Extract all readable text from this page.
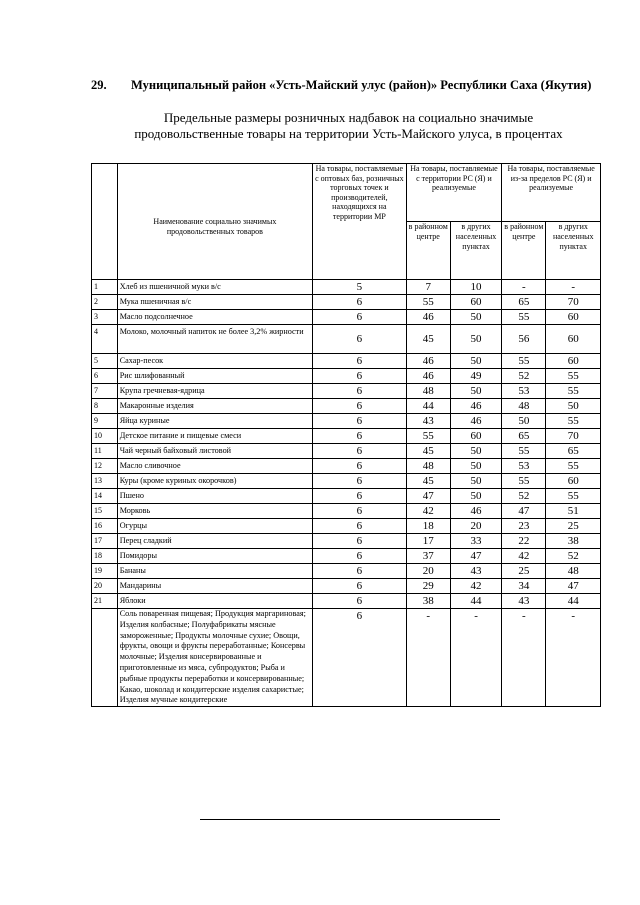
29. Муниципальный район «Усть-Майский улус (район)» Республики Саха (Якутия)
Предельные размеры розничных надбавок на социально значимые
продовольственные товары на территории Усть-Майского улуса, в процентах
	Наименование социально значимых продовольственных товаров	На товары, поставляемые с оптовых баз, розничных торговых точек и производителей, находящихся на территории МР	На товары, поставляемые с территории РС (Я) и реализуемые		На товары, поставляемые из-за пределов РС (Я) и реализуемые	
			в районном центре	в других населенных пунктах	в районном центре	в других населенных пунктах
1	Хлеб из пшеничной муки в/с	5	7	10	-	-
2	Мука пшеничная в/с	6	55	60	65	70
3	Масло подсолнечное	6	46	50	55	60
4	Молоко, молочный напиток не более 3,2% жирности	6	45	50	56	60
5	Сахар-песок	6	46	50	55	60
6	Рис шлифованный	6	46	49	52	55
7	Крупа гречневая-ядрица	6	48	50	53	55
8	Макаронные изделия	6	44	46	48	50
9	Яйца куриные	6	43	46	50	55
10	Детское питание и пищевые смеси	6	55	60	65	70
11	Чай черный байховый листовой	6	45	50	55	65
12	Масло сливочное	6	48	50	53	55
13	Куры (кроме куриных окорочков)	6	45	50	55	60
14	Пшено	6	47	50	52	55
15	Морковь	6	42	46	47	51
16	Огурцы	6	18	20	23	25
17	Перец сладкий	6	17	33	22	38
18	Помидоры	6	37	47	42	52
19	Бананы	6	20	43	25	48
20	Мандарины	6	29	42	34	47
21	Яблоки	6	38	44	43	44
	Соль поваренная пищевая; Продукция маргариновая; Изделия колбасные; Полуфабрикаты мясные замороженные; Продукты молочные сухие; Овощи, фрукты, овощи и фрукты переработанные; Консервы молочные; Изделия консервированные и приготовленные из мяса, субпродуктов; Рыба и рыбные продукты переработки и консервированные; Какао, шоколад и кондитерские изделия сахаристые; Изделия мучные кондитерские	6	-	-	-	-
